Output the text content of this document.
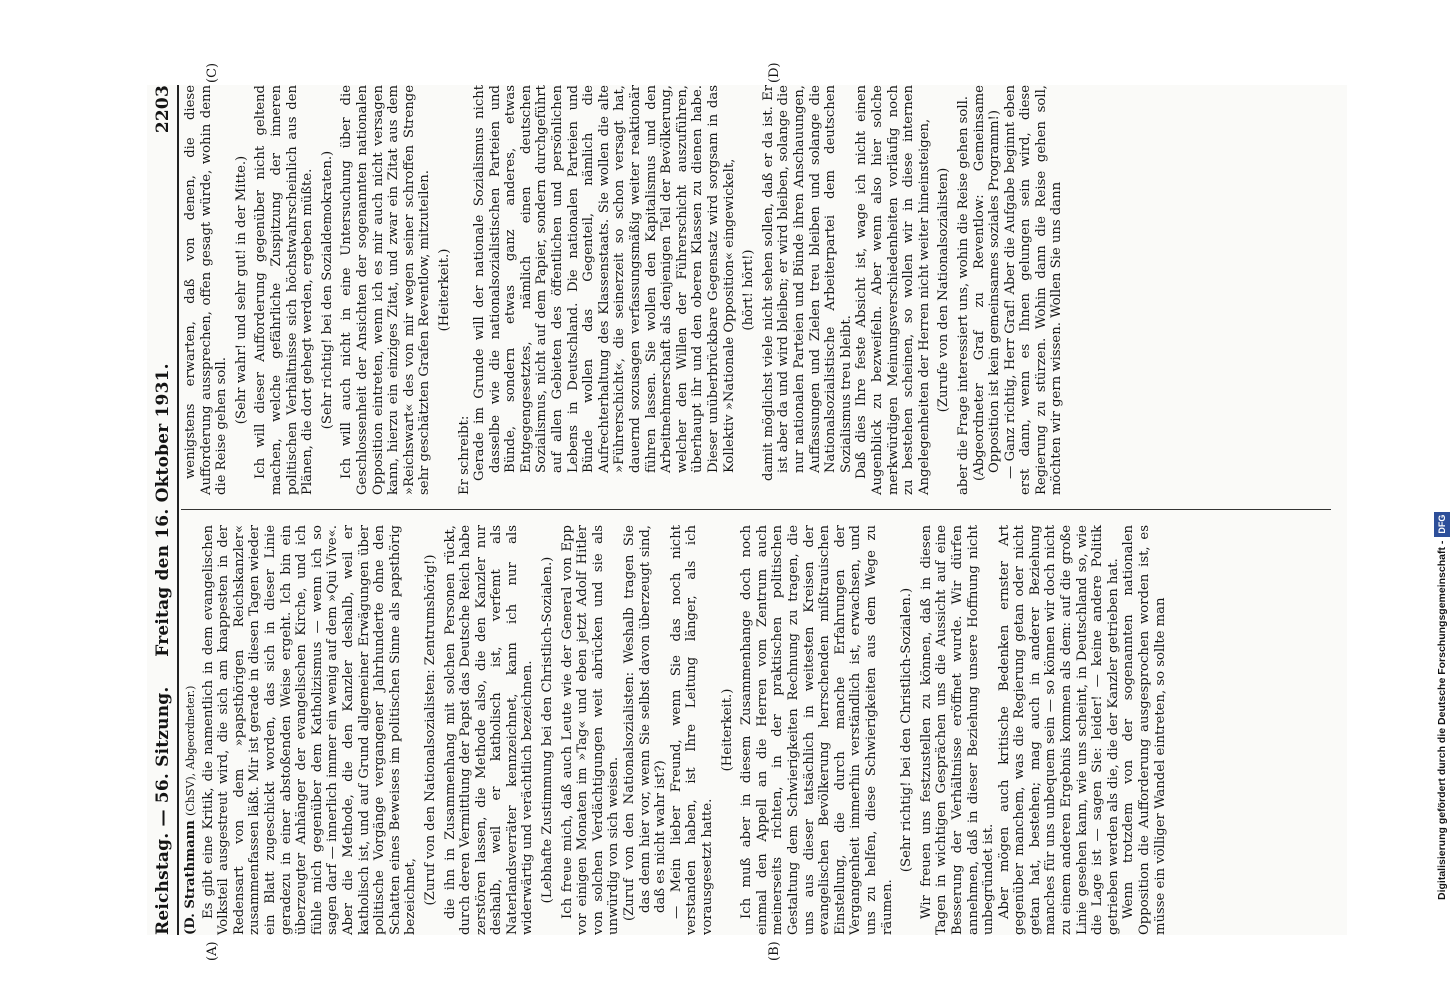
Reichstag. — 56. Sitzung.
Freitag den 16. Oktober 1931.
2203

(D. Strathmann (ChSV), Abgeordneter.) Es gibt eine Kritik, die namentlich in dem evangelischen Volksteil ausgestreut wird, die sich am knappesten in der Redensart von dem »papsthörigen Reichskanzler« zusammenfassen läßt. Mir ist gerade in diesen Tagen wieder ein Blatt zugeschickt worden, das sich in dieser Linie geradezu in einer abstoßenden Weise ergeht. Ich bin ein überzeugter Anhänger der evangelischen Kirche, und ich fühle mich gegenüber dem Katholizismus — wenn ich so sagen darf — innerlich immer ein wenig auf dem »Qui Vive«. Aber die Methode, die den Kanzler deshalb, weil er katholisch ist, und auf Grund allgemeiner Erwägungen über politische Vorgänge vergangener Jahrhunderte ohne den Schatten eines Beweises im politischen Sinne als papsthörig bezeichnet, (Zuruf von den Nationalsozialisten: Zentrumshörig!) die ihn in Zusammenhang mit solchen Personen rückt, durch deren Vermittlung der Papst das Deutsche Reich habe zerstören lassen, die Methode also, die den Kanzler nur deshalb, weil er katholisch ist, verfemt als Naterlandsverräter kennzeichnet, kann ich nur als widerwärtig und verächtlich bezeichnen. (Lebhafte Zustimmung bei den Christlich-Sozialen.) Ich freue mich, daß auch Leute wie der General von Epp vor einigen Monaten im »Tag« und eben jetzt Adolf Hitler von solchen Verdächtigungen weit abrücken und sie als unwürdig von sich weisen. (Zuruf von den Nationalsozialisten: Weshalb tragen Sie das denn hier vor, wenn Sie selbst davon überzeugt sind, daß es nicht wahr ist?) — Mein lieber Freund, wenn Sie das noch nicht verstanden haben, ist Ihre Leitung länger, als ich vorausgesetzt hatte.

(Heiterkeit.) Ich muß aber in diesem Zusammenhange doch noch einmal den Appell an die Herren vom Zentrum auch meinerseits richten, in der praktischen politischen Gestaltung dem Schwierigkeiten Rechnung zu tragen, die uns aus dieser tatsächlich in weitesten Kreisen der evangelischen Bevölkerung herrschenden mißtrauischen Einstellung, die durch manche Erfahrungen der Vergangenheit immerhin verständlich ist, erwachsen, und uns zu helfen, diese Schwierigkeiten aus dem Wege zu räumen.

(Sehr richtig! bei den Christlich-Sozialen.) Wir freuen uns festzustellen zu können, daß in diesen Tagen in wichtigen Gesprächen uns die Aussicht auf eine Besserung der Verhältnisse eröffnet wurde. Wir dürfen annehmen, daß in dieser Beziehung unsere Hoffnung nicht unbegründet ist. Aber mögen auch kritische Bedenken ernster Art gegenüber manchem, was die Regierung getan oder nicht getan hat, bestehen; mag auch in anderer Beziehung manches für uns unbequem sein — so können wir doch nicht zu einem anderen Ergebnis kommen als dem: auf die große Linie gesehen kann, wie uns scheint, in Deutschland so, wie die Lage ist — sagen Sie: leider! — keine andere Politik getrieben werden als die, die der Kanzler getrieben hat. Wenn trotzdem von der sogenannten nationalen Opposition die Aufforderung ausgesprochen worden ist, es müsse ein völliger Wandel eintreten, so sollte man

wenigstens erwarten, daß von denen, die diese Aufforderung aussprechen, offen gesagt würde, wohin denn die Reise gehen soll.

(Sehr wahr! und sehr gut! in der Mitte.) Ich will dieser Aufforderung gegenüber nicht geltend machen, welche gefährliche Zuspitzung der inneren politischen Verhältnisse sich höchstwahrscheinlich aus den Plänen, die dort gehegt werden, ergeben müßte. (Sehr richtig! bei den Sozialdemokraten.) Ich will auch nicht in eine Untersuchung über die Geschlossenheit der Ansichten der sogenannten nationalen Opposition eintreten, wenn ich es mir auch nicht versagen kann, hierzu ein einziges Zitat, und zwar ein Zitat aus dem »Reichswart« des von mir wegen seiner schroffen Strenge sehr geschätzten Grafen Reventlow, mitzuteilen. (Heiterkeit.)

Er schreibt: Gerade im Grunde will der nationale Sozialismus nicht dasselbe wie die nationalsozialistischen Parteien und Bünde, sondern etwas ganz anderes, etwas Entgegengesetztes, nämlich einen deutschen Sozialismus, nicht auf dem Papier, sondern durchgeführt auf allen Gebieten des öffentlichen und persönlichen Lebens in Deutschland. Die nationalen Parteien und Bünde wollen das Gegenteil, nämlich die Aufrechterhaltung des Klassenstaats. Sie wollen die alte »Führerschicht«, die seinerzeit so schon versagt hat, dauernd sozusagen verfassungsmäßig weiter reaktionär führen lassen. Sie wollen den Kapitalismus und den Arbeitnehmerschaft als denjenigen Teil der Bevölkerung, welcher den Willen der Führerschicht auszuführen, überhaupt ihr und den oberen Klassen zu dienen habe. Dieser unüberbrückbare Gegensatz wird sorgsam in das Kollektiv »Nationale Opposition« eingewickelt, (hört! hört!) damit möglichst viele nicht sehen sollen, daß er da ist. Er ist aber da und wird bleiben; er wird bleiben, solange die nur nationalen Parteien und Bünde ihren Anschauungen, Auffassungen und Zielen treu bleiben und solange die Nationalsozialistische Arbeiterpartei dem deutschen Sozialismus treu bleibt. Daß dies Ihre feste Absicht ist, wage ich nicht einen Augenblick zu bezweifeln. Aber wenn also hier solche merkwürdigen Meinungsverschiedenheiten vorläufig noch zu bestehen scheinen, so wollen wir in diese internen Angelegenheiten der Herren nicht weiter hineinsteigen, (Zurufe von den Nationalsozialisten) aber die Frage interessiert uns, wohin die Reise gehen soll. (Abgeordneter Graf zu Reventlow: Gemeinsame Opposition ist kein gemeinsames soziales Programm!) — Ganz richtig, Herr Graf! Aber die Aufgabe beginnt eben erst dann, wenn es Ihnen gelungen sein wird, diese Regierung zu stürzen. Wohin dann die Reise gehen soll, möchten wir gern wissen. Wollen Sie uns dann

(A)	(B)
(C)	(D)
Digitalisierung gefördert durch die Deutsche Forschungsgemeinschaft -DFG
